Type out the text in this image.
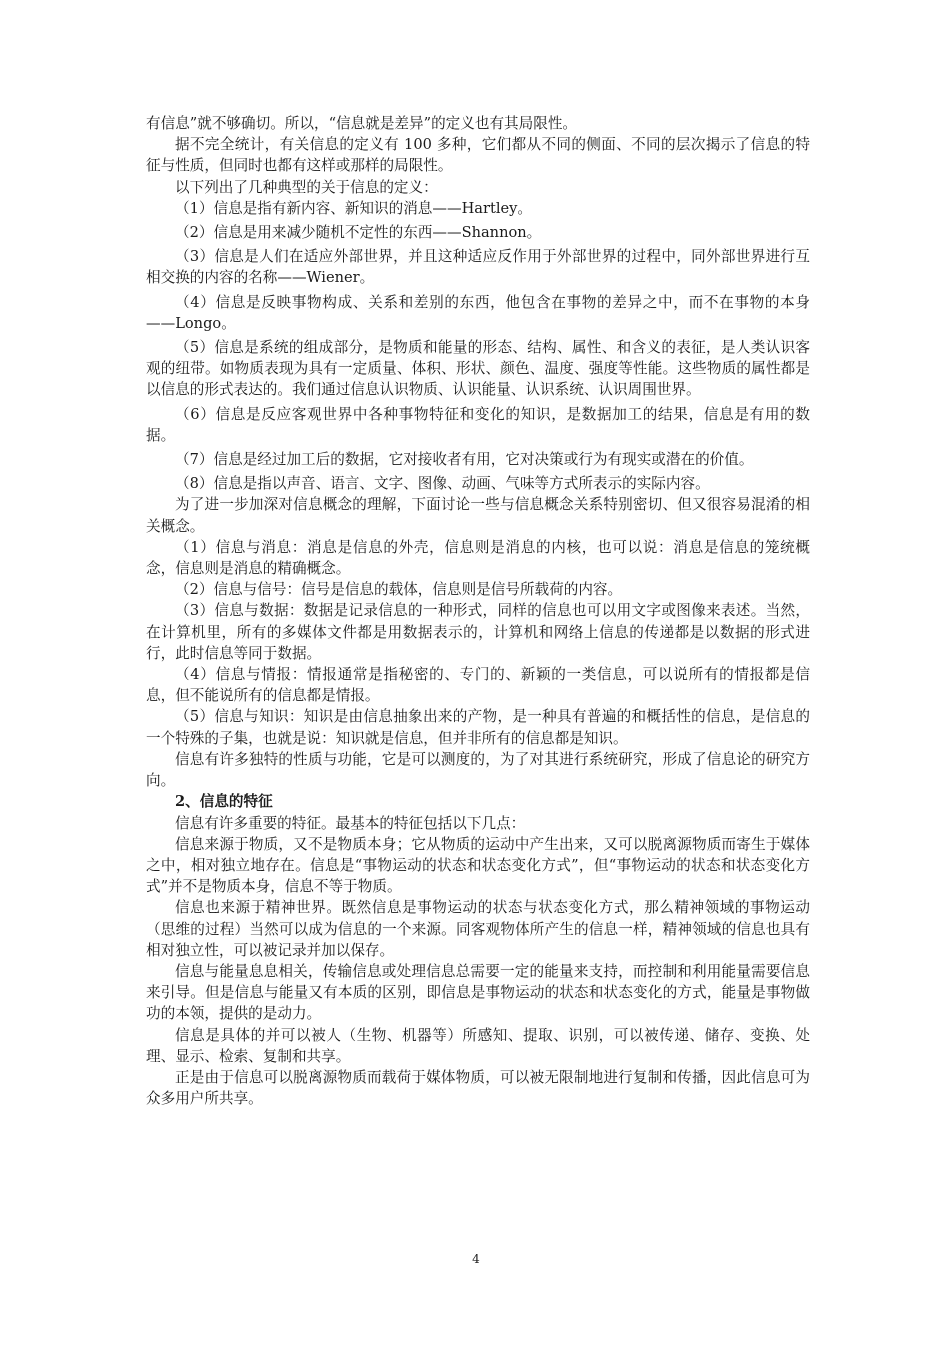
有信息”就不够确切。所以，“信息就是差异”的定义也有其局限性。

据不完全统计，有关信息的定义有 100 多种，它们都从不同的侧面、不同的层次揭示了信息的特征与性质，但同时也都有这样或那样的局限性。

以下列出了几种典型的关于信息的定义：

（1）信息是指有新内容、新知识的消息——Hartley。

（2）信息是用来减少随机不定性的东西——Shannon。

（3）信息是人们在适应外部世界，并且这种适应反作用于外部世界的过程中，同外部世界进行互相交换的内容的名称——Wiener。

（4）信息是反映事物构成、关系和差别的东西，他包含在事物的差异之中，而不在事物的本身——Longo。

（5）信息是系统的组成部分，是物质和能量的形态、结构、属性、和含义的表征，是人类认识客观的纽带。如物质表现为具有一定质量、体积、形状、颜色、温度、强度等性能。这些物质的属性都是以信息的形式表达的。我们通过信息认识物质、认识能量、认识系统、认识周围世界。

（6）信息是反应客观世界中各种事物特征和变化的知识，是数据加工的结果，信息是有用的数据。

（7）信息是经过加工后的数据，它对接收者有用，它对决策或行为有现实或潜在的价值。

（8）信息是指以声音、语言、文字、图像、动画、气味等方式所表示的实际内容。

为了进一步加深对信息概念的理解，下面讨论一些与信息概念关系特别密切、但又很容易混淆的相关概念。

（1）信息与消息：消息是信息的外壳，信息则是消息的内核，也可以说：消息是信息的笼统概念，信息则是消息的精确概念。

（2）信息与信号：信号是信息的载体，信息则是信号所载荷的内容。

（3）信息与数据：数据是记录信息的一种形式，同样的信息也可以用文字或图像来表述。当然，在计算机里，所有的多媒体文件都是用数据表示的，计算机和网络上信息的传递都是以数据的形式进行，此时信息等同于数据。

（4）信息与情报：情报通常是指秘密的、专门的、新颖的一类信息，可以说所有的情报都是信息，但不能说所有的信息都是情报。

（5）信息与知识：知识是由信息抽象出来的产物，是一种具有普遍的和概括性的信息，是信息的一个特殊的子集，也就是说：知识就是信息，但并非所有的信息都是知识。

信息有许多独特的性质与功能，它是可以测度的，为了对其进行系统研究，形成了信息论的研究方向。

2、信息的特征

信息有许多重要的特征。最基本的特征包括以下几点：

信息来源于物质，又不是物质本身；它从物质的运动中产生出来，又可以脱离源物质而寄生于媒体之中，相对独立地存在。信息是“事物运动的状态和状态变化方式”，但“事物运动的状态和状态变化方式”并不是物质本身，信息不等于物质。

信息也来源于精神世界。既然信息是事物运动的状态与状态变化方式，那么精神领域的事物运动（思维的过程）当然可以成为信息的一个来源。同客观物体所产生的信息一样，精神领域的信息也具有相对独立性，可以被记录并加以保存。

信息与能量息息相关，传输信息或处理信息总需要一定的能量来支持，而控制和利用能量需要信息来引导。但是信息与能量又有本质的区别，即信息是事物运动的状态和状态变化的方式，能量是事物做功的本领，提供的是动力。

信息是具体的并可以被人（生物、机器等）所感知、提取、识别，可以被传递、储存、变换、处理、显示、检索、复制和共享。

正是由于信息可以脱离源物质而载荷于媒体物质，可以被无限制地进行复制和传播，因此信息可为众多用户所共享。

4
